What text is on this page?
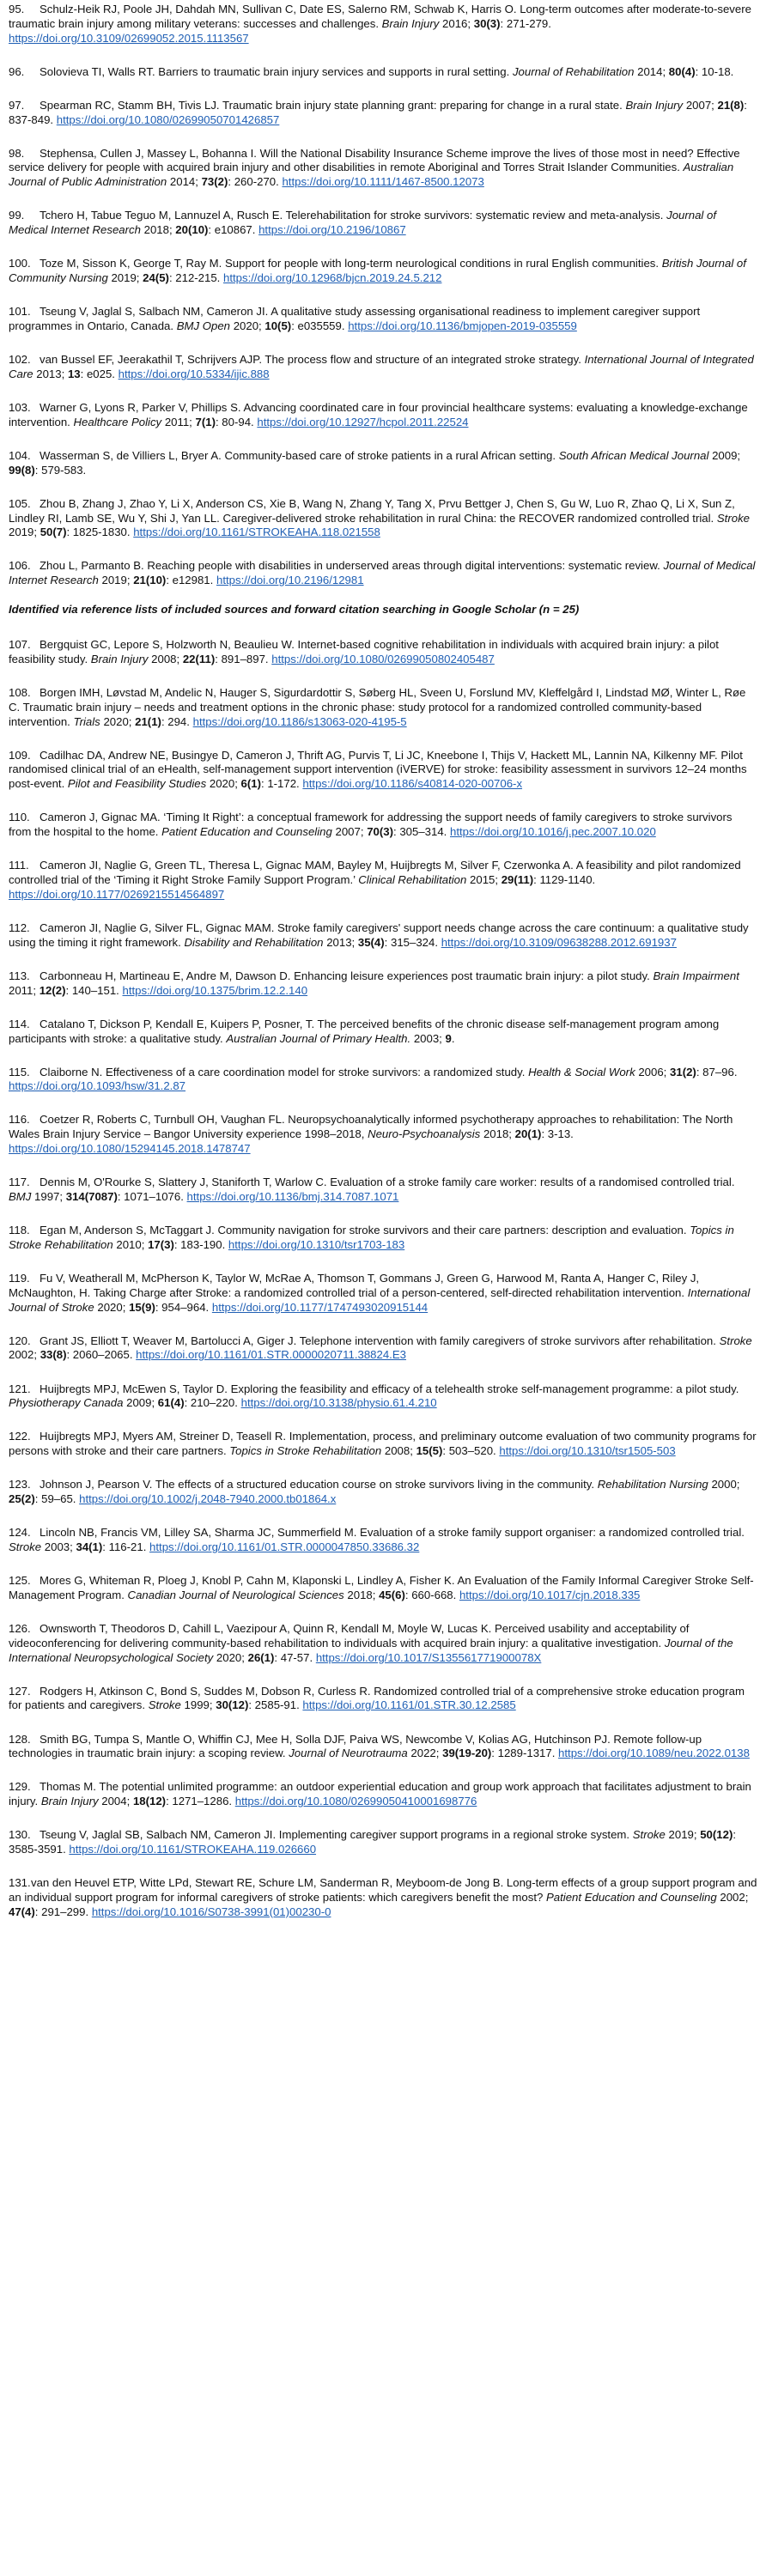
95. Schulz-Heik RJ, Poole JH, Dahdah MN, Sullivan C, Date ES, Salerno RM, Schwab K, Harris O. Long-term outcomes after moderate-to-severe traumatic brain injury among military veterans: successes and challenges. Brain Injury 2016; 30(3): 271-279. https://doi.org/10.3109/02699052.2015.1113567
96. Solovieva TI, Walls RT. Barriers to traumatic brain injury services and supports in rural setting. Journal of Rehabilitation 2014; 80(4): 10-18.
97. Spearman RC, Stamm BH, Tivis LJ. Traumatic brain injury state planning grant: preparing for change in a rural state. Brain Injury 2007; 21(8): 837-849. https://doi.org/10.1080/02699050701426857
98. Stephensa, Cullen J, Massey L, Bohanna I. Will the National Disability Insurance Scheme improve the lives of those most in need? Effective service delivery for people with acquired brain injury and other disabilities in remote Aboriginal and Torres Strait Islander Communities. Australian Journal of Public Administration 2014; 73(2): 260-270. https://doi.org/10.1111/1467-8500.12073
99. Tchero H, Tabue Teguo M, Lannuzel A, Rusch E. Telerehabilitation for stroke survivors: systematic review and meta-analysis. Journal of Medical Internet Research 2018; 20(10): e10867. https://doi.org/10.2196/10867
100. Toze M, Sisson K, George T, Ray M. Support for people with long-term neurological conditions in rural English communities. British Journal of Community Nursing 2019; 24(5): 212-215. https://doi.org/10.12968/bjcn.2019.24.5.212
101. Tseung V, Jaglal S, Salbach NM, Cameron JI. A qualitative study assessing organisational readiness to implement caregiver support programmes in Ontario, Canada. BMJ Open 2020; 10(5): e035559. https://doi.org/10.1136/bmjopen-2019-035559
102. van Bussel EF, Jeerakathil T, Schrijvers AJP. The process flow and structure of an integrated stroke strategy. International Journal of Integrated Care 2013; 13: e025. https://doi.org/10.5334/ijic.888
103. Warner G, Lyons R, Parker V, Phillips S. Advancing coordinated care in four provincial healthcare systems: evaluating a knowledge-exchange intervention. Healthcare Policy 2011; 7(1): 80-94. https://doi.org/10.12927/hcpol.2011.22524
104. Wasserman S, de Villiers L, Bryer A. Community-based care of stroke patients in a rural African setting. South African Medical Journal 2009; 99(8): 579-583.
105. Zhou B, Zhang J, Zhao Y, Li X, Anderson CS, Xie B, Wang N, Zhang Y, Tang X, Prvu Bettger J, Chen S, Gu W, Luo R, Zhao Q, Li X, Sun Z, Lindley RI, Lamb SE, Wu Y, Shi J, Yan LL. Caregiver-delivered stroke rehabilitation in rural China: the RECOVER randomized controlled trial. Stroke 2019; 50(7): 1825-1830. https://doi.org/10.1161/STROKEAHA.118.021558
106. Zhou L, Parmanto B. Reaching people with disabilities in underserved areas through digital interventions: systematic review. Journal of Medical Internet Research 2019; 21(10): e12981. https://doi.org/10.2196/12981
Identified via reference lists of included sources and forward citation searching in Google Scholar (n = 25)
107. Bergquist GC, Lepore S, Holzworth N, Beaulieu W. Internet-based cognitive rehabilitation in individuals with acquired brain injury: a pilot feasibility study. Brain Injury 2008; 22(11): 891–897. https://doi.org/10.1080/02699050802405487
108. Borgen IMH, Løvstad M, Andelic N, Hauger S, Sigurdardottir S, Søberg HL, Sveen U, Forslund MV, Kleffelgård I, Lindstad MØ, Winter L, Røe C. Traumatic brain injury – needs and treatment options in the chronic phase: study protocol for a randomized controlled community-based intervention. Trials 2020; 21(1): 294. https://doi.org/10.1186/s13063-020-4195-5
109. Cadilhac DA, Andrew NE, Busingye D, Cameron J, Thrift AG, Purvis T, Li JC, Kneebone I, Thijs V, Hackett ML, Lannin NA, Kilkenny MF. Pilot randomised clinical trial of an eHealth, self-management support intervention (iVERVE) for stroke: feasibility assessment in survivors 12–24 months post-event. Pilot and Feasibility Studies 2020; 6(1): 1-172. https://doi.org/10.1186/s40814-020-00706-x
110. Cameron J, Gignac MA. ‘Timing It Right’: a conceptual framework for addressing the support needs of family caregivers to stroke survivors from the hospital to the home. Patient Education and Counseling 2007; 70(3): 305–314. https://doi.org/10.1016/j.pec.2007.10.020
111. Cameron JI, Naglie G, Green TL, Theresa L, Gignac MAM, Bayley M, Huijbregts M, Silver F, Czerwonka A. A feasibility and pilot randomized controlled trial of the ‘Timing it Right Stroke Family Support Program.’ Clinical Rehabilitation 2015; 29(11): 1129-1140. https://doi.org/10.1177/0269215514564897
112. Cameron JI, Naglie G, Silver FL, Gignac MAM. Stroke family caregivers' support needs change across the care continuum: a qualitative study using the timing it right framework. Disability and Rehabilitation 2013; 35(4): 315–324. https://doi.org/10.3109/09638288.2012.691937
113. Carbonneau H, Martineau E, Andre M, Dawson D. Enhancing leisure experiences post traumatic brain injury: a pilot study. Brain Impairment 2011; 12(2): 140–151. https://doi.org/10.1375/brim.12.2.140
114. Catalano T, Dickson P, Kendall E, Kuipers P, Posner, T. The perceived benefits of the chronic disease self-management program among participants with stroke: a qualitative study. Australian Journal of Primary Health. 2003; 9.
115. Claiborne N. Effectiveness of a care coordination model for stroke survivors: a randomized study. Health & Social Work 2006; 31(2): 87–96. https://doi.org/10.1093/hsw/31.2.87
116. Coetzer R, Roberts C, Turnbull OH, Vaughan FL. Neuropsychoanalytically informed psychotherapy approaches to rehabilitation: The North Wales Brain Injury Service – Bangor University experience 1998–2018, Neuro-Psychoanalysis 2018; 20(1): 3-13. https://doi.org/10.1080/15294145.2018.1478747
117. Dennis M, O'Rourke S, Slattery J, Staniforth T, Warlow C. Evaluation of a stroke family care worker: results of a randomised controlled trial. BMJ 1997; 314(7087): 1071–1076. https://doi.org/10.1136/bmj.314.7087.1071
118. Egan M, Anderson S, McTaggart J. Community navigation for stroke survivors and their care partners: description and evaluation. Topics in Stroke Rehabilitation 2010; 17(3): 183-190. https://doi.org/10.1310/tsr1703-183
119. Fu V, Weatherall M, McPherson K, Taylor W, McRae A, Thomson T, Gommans J, Green G, Harwood M, Ranta A, Hanger C, Riley J, McNaughton, H. Taking Charge after Stroke: a randomized controlled trial of a person-centered, self-directed rehabilitation intervention. International Journal of Stroke 2020; 15(9): 954–964. https://doi.org/10.1177/1747493020915144
120. Grant JS, Elliott T, Weaver M, Bartolucci A, Giger J. Telephone intervention with family caregivers of stroke survivors after rehabilitation. Stroke 2002; 33(8): 2060–2065. https://doi.org/10.1161/01.STR.0000020711.38824.E3
121. Huijbregts MPJ, McEwen S, Taylor D. Exploring the feasibility and efficacy of a telehealth stroke self-management programme: a pilot study. Physiotherapy Canada 2009; 61(4): 210–220. https://doi.org/10.3138/physio.61.4.210
122. Huijbregts MPJ, Myers AM, Streiner D, Teasell R. Implementation, process, and preliminary outcome evaluation of two community programs for persons with stroke and their care partners. Topics in Stroke Rehabilitation 2008; 15(5): 503–520. https://doi.org/10.1310/tsr1505-503
123. Johnson J, Pearson V. The effects of a structured education course on stroke survivors living in the community. Rehabilitation Nursing 2000; 25(2): 59–65. https://doi.org/10.1002/j.2048-7940.2000.tb01864.x
124. Lincoln NB, Francis VM, Lilley SA, Sharma JC, Summerfield M. Evaluation of a stroke family support organiser: a randomized controlled trial. Stroke 2003; 34(1): 116-21. https://doi.org/10.1161/01.STR.0000047850.33686.32
125. Mores G, Whiteman R, Ploeg J, Knobl P, Cahn M, Klaponski L, Lindley A, Fisher K. An Evaluation of the Family Informal Caregiver Stroke Self-Management Program. Canadian Journal of Neurological Sciences 2018; 45(6): 660-668. https://doi.org/10.1017/cjn.2018.335
126. Ownsworth T, Theodoros D, Cahill L, Vaezipour A, Quinn R, Kendall M, Moyle W, Lucas K. Perceived usability and acceptability of videoconferencing for delivering community-based rehabilitation to individuals with acquired brain injury: a qualitative investigation. Journal of the International Neuropsychological Society 2020; 26(1): 47-57. https://doi.org/10.1017/S135561771900078X
127. Rodgers H, Atkinson C, Bond S, Suddes M, Dobson R, Curless R. Randomized controlled trial of a comprehensive stroke education program for patients and caregivers. Stroke 1999; 30(12): 2585-91. https://doi.org/10.1161/01.STR.30.12.2585
128. Smith BG, Tumpa S, Mantle O, Whiffin CJ, Mee H, Solla DJF, Paiva WS, Newcombe V, Kolias AG, Hutchinson PJ. Remote follow-up technologies in traumatic brain injury: a scoping review. Journal of Neurotrauma 2022; 39(19-20): 1289-1317. https://doi.org/10.1089/neu.2022.0138
129. Thomas M. The potential unlimited programme: an outdoor experiential education and group work approach that facilitates adjustment to brain injury. Brain Injury 2004; 18(12): 1271–1286. https://doi.org/10.1080/02699050410001698776
130. Tseung V, Jaglal SB, Salbach NM, Cameron JI. Implementing caregiver support programs in a regional stroke system. Stroke 2019; 50(12): 3585-3591. https://doi.org/10.1161/STROKEAHA.119.026660
131.van den Heuvel ETP, Witte LPd, Stewart RE, Schure LM, Sanderman R, Meyboom-de Jong B. Long-term effects of a group support program and an individual support program for informal caregivers of stroke patients: which caregivers benefit the most? Patient Education and Counseling 2002; 47(4): 291–299. https://doi.org/10.1016/S0738-3991(01)00230-0
